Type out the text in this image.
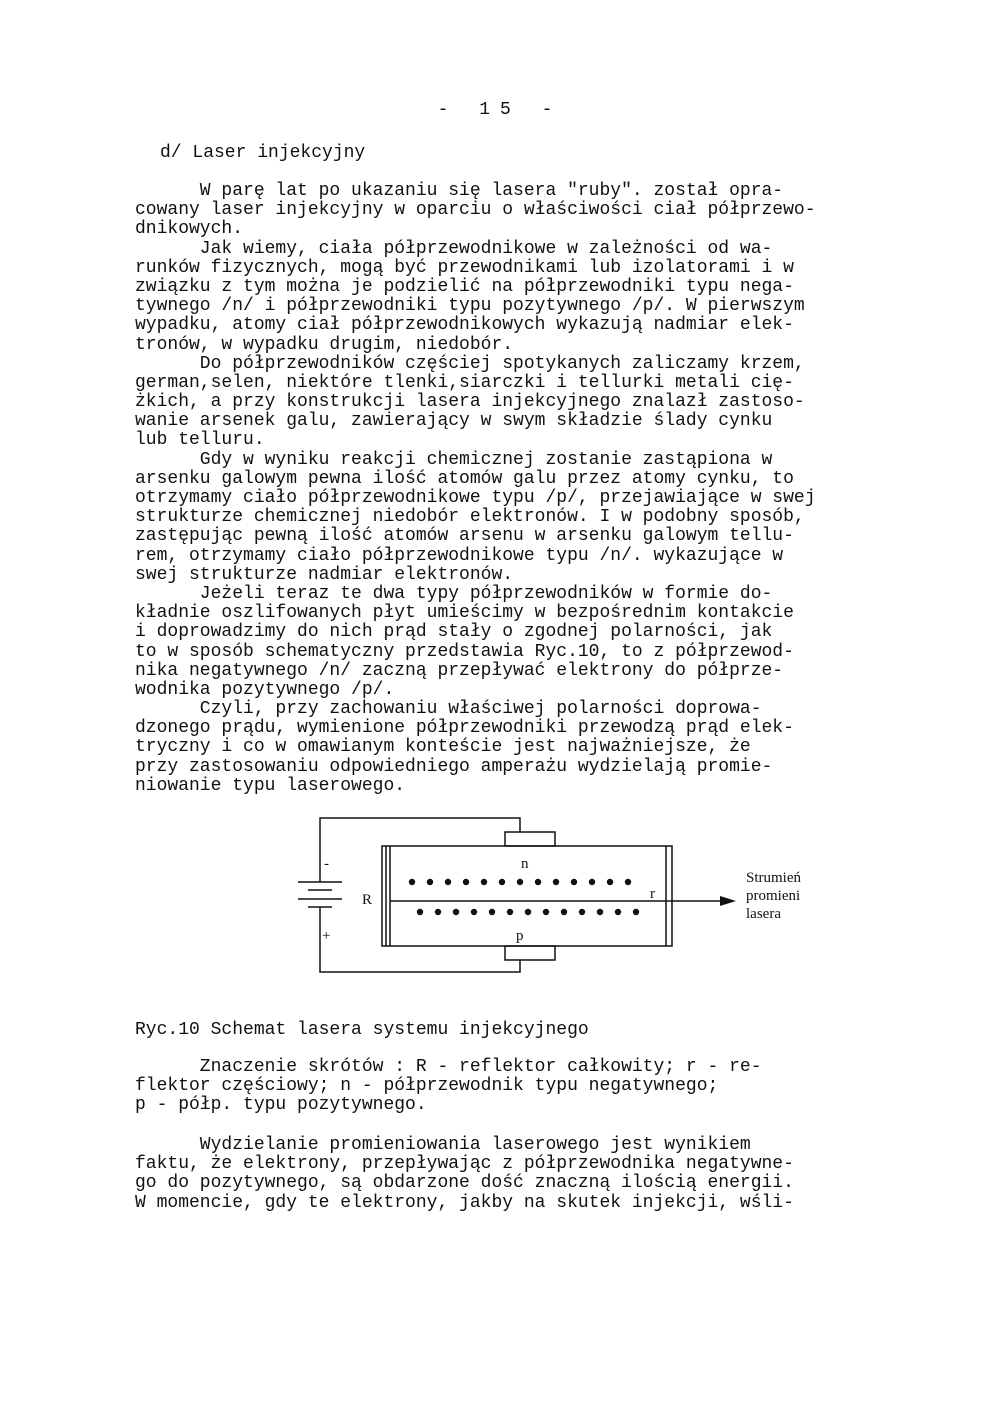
- 15 -
d/ Laser injekcyjny
W parę lat po ukazaniu się lasera "ruby". został opra-
cowany laser injekcyjny w oparciu o właściwości ciał półprzewo-
dnikowych.
Jak wiemy, ciała półprzewodnikowe w zależności od wa-
runków fizycznych, mogą być przewodnikami lub izolatorami i w
związku z tym można je podzielić na półprzewodniki typu nega-
tywnego /n/ i półprzewodniki typu pozytywnego /p/. W pierwszym
wypadku, atomy ciał półprzewodnikowych wykazują nadmiar elek-
tronów, w wypadku drugim, niedobór.
Do półprzewodników częściej spotykanych zaliczamy krzem,
german,selen, niektóre tlenki,siarczki i tellurki metali cię-
żkich, a przy konstrukcji lasera injekcyjnego znalazł zastoso-
wanie arsenek galu, zawierający w swym składzie ślady cynku
lub telluru.
Gdy w wyniku reakcji chemicznej zostanie zastąpiona w
arsenku galowym pewna ilość atomów galu przez atomy cynku, to
otrzymamy ciało półprzewodnikowe typu /p/, przejawiające w swej
strukturze chemicznej niedobór elektronów. I w podobny sposób,
zastępując pewną ilość atomów arsenu w arsenku galowym tellu-
rem, otrzymamy ciało półprzewodnikowe typu /n/. wykazujące w
swej strukturze nadmiar elektronów.
Jeżeli teraz te dwa typy półprzewodników w formie do-
kładnie oszlifowanych płyt umieścimy w bezpośrednim kontakcie
i doprowadzimy do nich prąd stały o zgodnej polarności, jak
to w sposób schematyczny przedstawia Ryc.10, to z półprzewod-
nika negatywnego /n/ zaczną przepływać elektrony do półprze-
wodnika pozytywnego /p/.
Czyli, przy zachowaniu właściwej polarności doprowa-
dzonego prądu, wymienione półprzewodniki przewodzą prąd elek-
tryczny i co w omawianym konteście jest najważniejsze, że
przy zastosowaniu odpowiedniego amperażu wydzielają promie-
niowanie typu laserowego.
n
p
R	r
-
+
Strumień
promieni
lasera
Ryc.10 Schemat lasera systemu injekcyjnego
Znaczenie skrótów : R - reflektor całkowity; r - re-
flektor częściowy; n - półprzewodnik typu negatywnego;
p - półp. typu pozytywnego.
Wydzielanie promieniowania laserowego jest wynikiem
faktu, że elektrony, przepływając z półprzewodnika negatywne-
go do pozytywnego, są obdarzone dość znaczną ilością energii.
W momencie, gdy te elektrony, jakby na skutek injekcji, wśli-
